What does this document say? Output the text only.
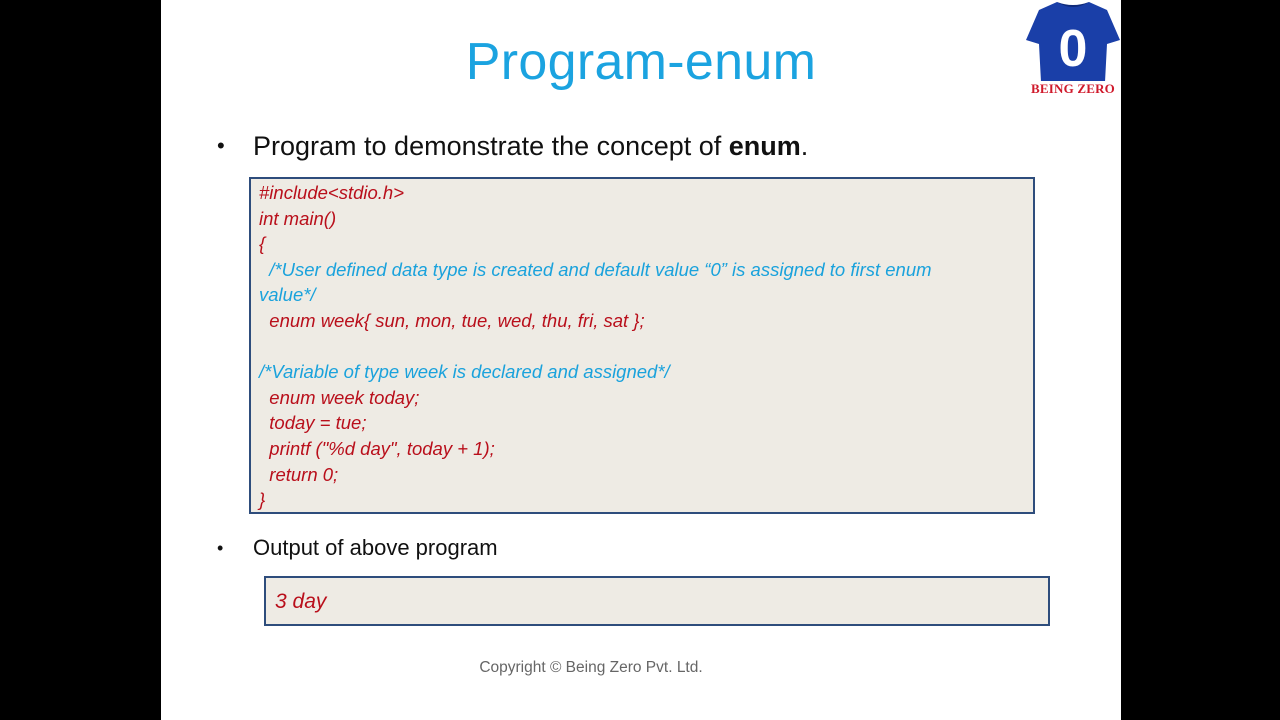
Program-enum	0
BEING ZERO
• Program to demonstrate the concept of enum.
#include<stdio.h>
int main()
{
/*User defined data type is created and default value “0” is assigned to first enum
value*/
enum week{ sun, mon, tue, wed, thu, fri, sat };
/*Variable of type week is declared and assigned*/
enum week today;
today = tue;
printf ("%d day", today + 1);
return 0;
}
• Output of above program
3 day
Copyright © Being Zero Pvt. Ltd.
